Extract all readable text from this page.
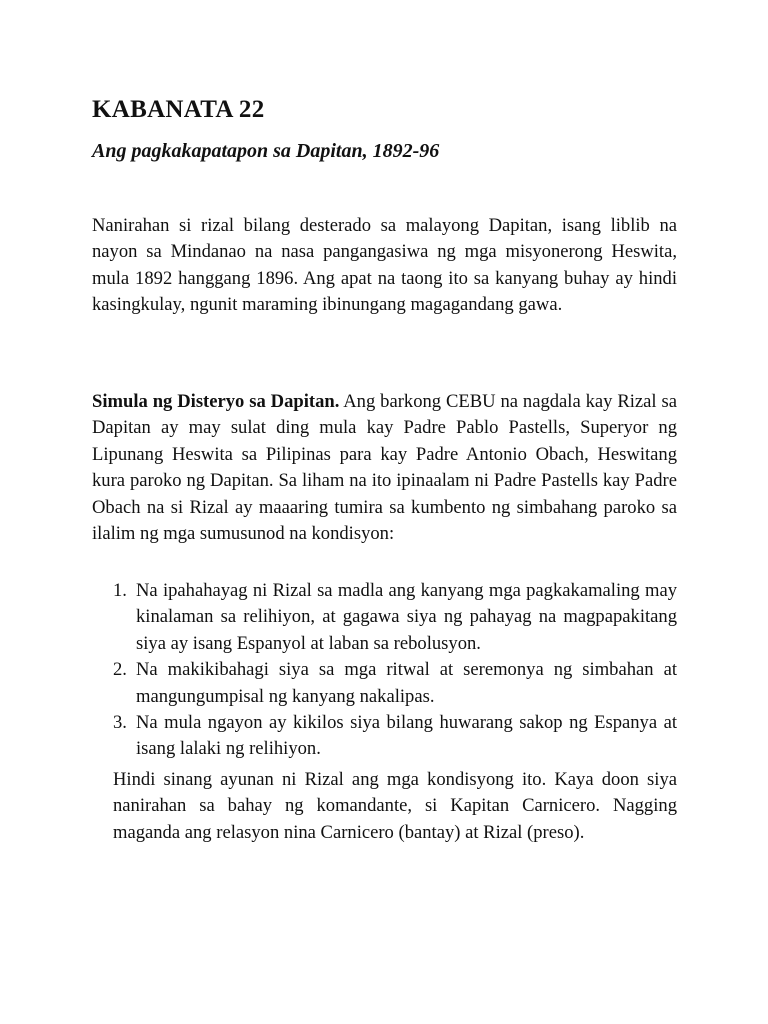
KABANATA 22
Ang pagkakapatapon sa Dapitan, 1892-96

Nanirahan si rizal bilang desterado sa malayong Dapitan, isang liblib na nayon sa Mindanao na nasa pangangasiwa ng mga misyonerong Heswita, mula 1892 hanggang 1896. Ang apat na taong ito sa kanyang buhay ay hindi kasingkulay, ngunit maraming ibinungang magagandang gawa.

Simula ng Disteryo sa Dapitan. Ang barkong CEBU na nagdala kay Rizal sa Dapitan ay may sulat ding mula kay Padre Pablo Pastells, Superyor ng Lipunang Heswita sa Pilipinas para kay Padre Antonio Obach, Heswitang kura paroko ng Dapitan. Sa liham na ito ipinaalam ni Padre Pastells kay Padre Obach na si Rizal ay maaaring tumira sa kumbento ng simbahang paroko sa ilalim ng mga sumusunod na kondisyon:

1. Na ipahahayag ni Rizal sa madla ang kanyang mga pagkakamaling may kinalaman sa relihiyon, at gagawa siya ng pahayag na magpapakitang siya ay isang Espanyol at laban sa rebolusyon.
2. Na makikibahagi siya sa mga ritwal at seremonya ng simbahan at mangungumpisal ng kanyang nakalipas.
3. Na mula ngayon ay kikilos siya bilang huwarang sakop ng Espanya at isang lalaki ng relihiyon.

Hindi sinang ayunan ni Rizal ang mga kondisyong ito. Kaya doon siya nanirahan sa bahay ng komandante, si Kapitan Carnicero. Nagging maganda ang relasyon nina Carnicero (bantay) at Rizal (preso).
